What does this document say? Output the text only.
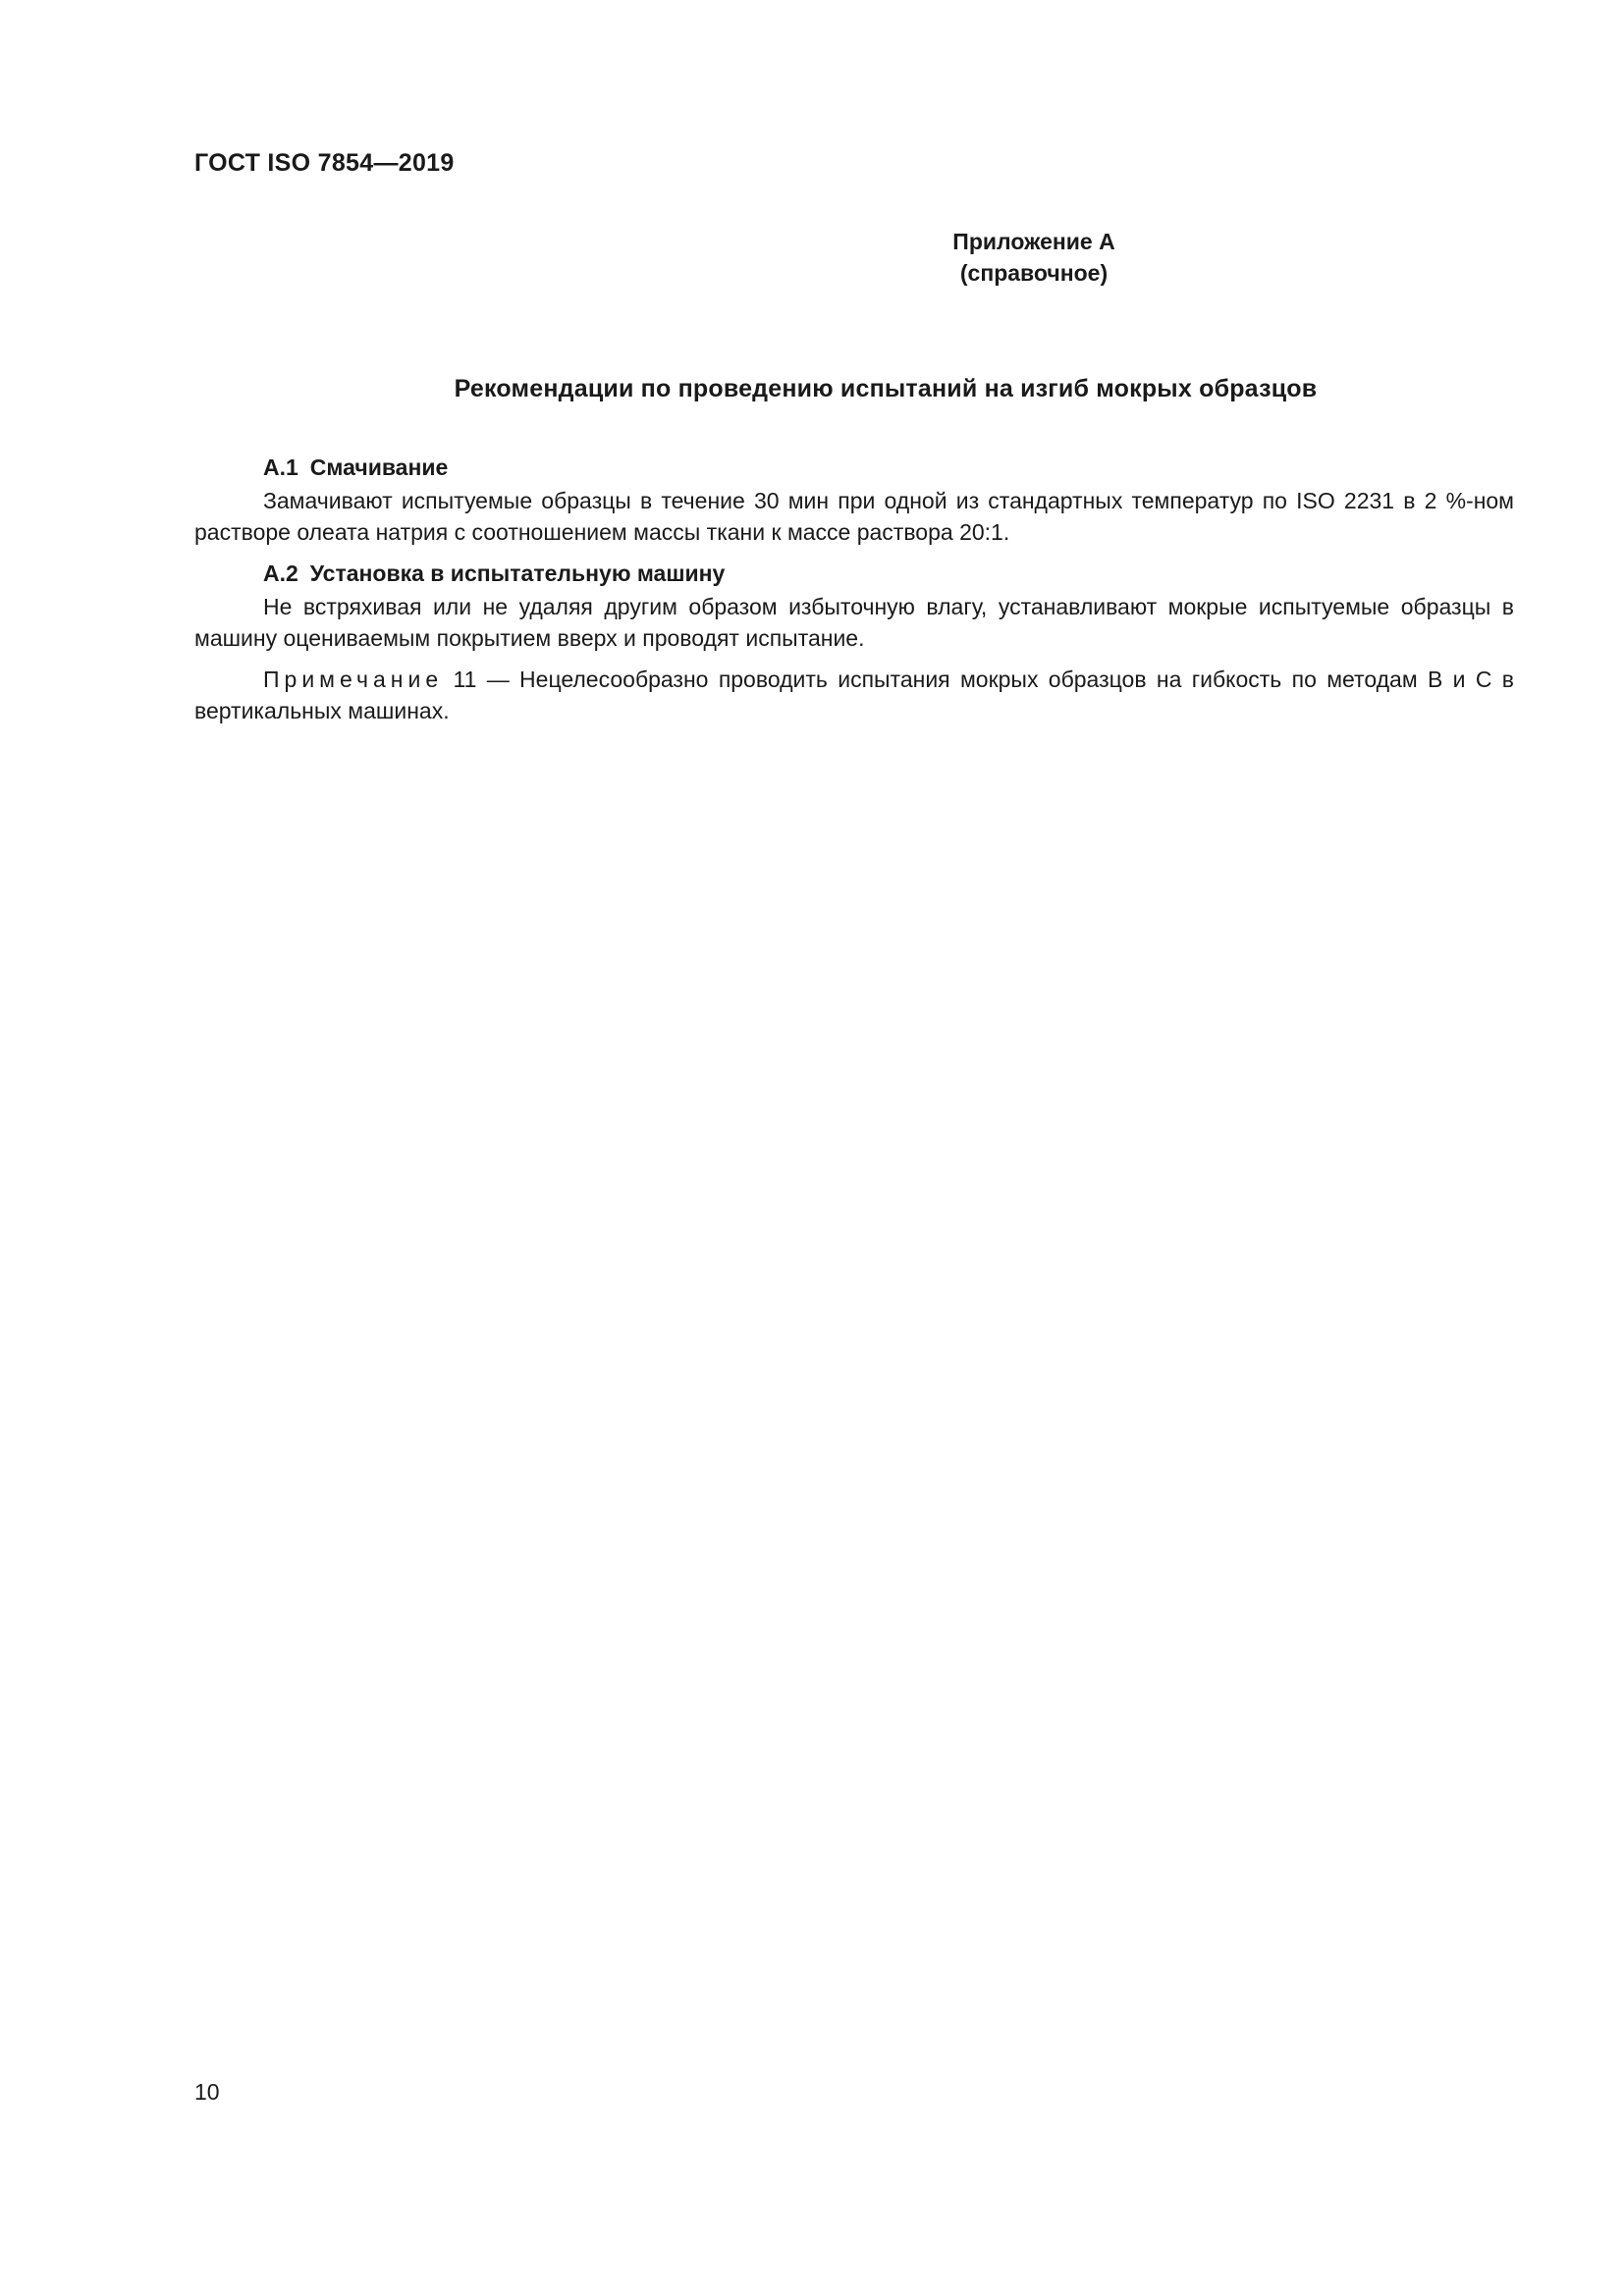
ГОСТ ISO 7854—2019
Приложение А
(справочное)
Рекомендации по проведению испытаний на изгиб мокрых образцов

А.1 Смачивание

Замачивают испытуемые образцы в течение 30 мин при одной из стандартных температур по ISO 2231 в 2 %-ном растворе олеата натрия с соотношением массы ткани к массе раствора 20:1.

А.2 Установка в испытательную машину

Не встряхивая или не удаляя другим образом избыточную влагу, устанавливают мокрые испытуемые образцы в машину оцениваемым покрытием вверх и проводят испытание.

Примечание 11 — Нецелесообразно проводить испытания мокрых образцов на гибкость по методам B и C в вертикальных машинах.

10
